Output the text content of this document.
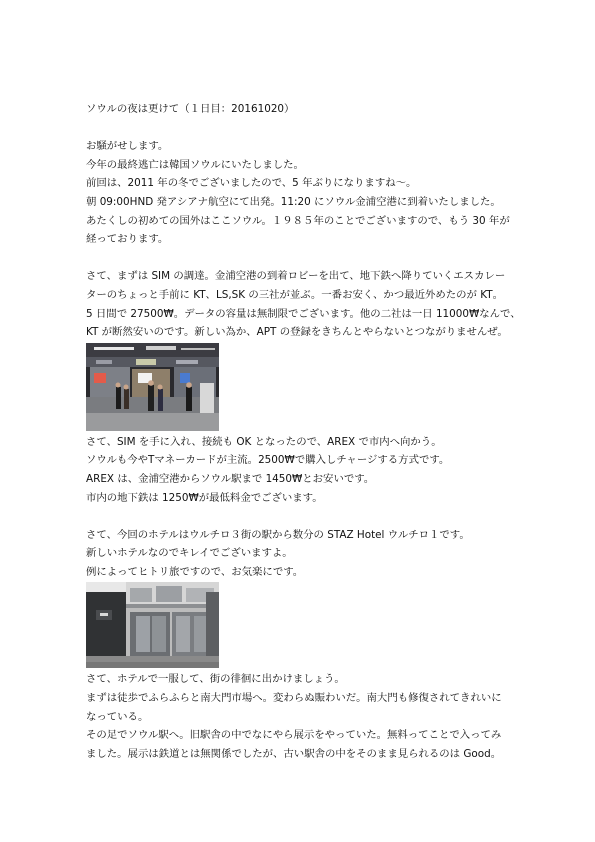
ソウルの夜は更けて（１日目：20161020）
お騒がせします。
今年の最終逃亡は韓国ソウルにいたしました。
前回は、2011 年の冬でございましたので、5 年ぶりになりますね〜。
朝 09:00HND 発アシアナ航空にて出発。11:20 にソウル金浦空港に到着いたしました。
あたくしの初めての国外はここソウル。１９８５年のことでございますので、もう 30 年が
経っております。
さて、まずは SIM の調達。金浦空港の到着ロビーを出て、地下鉄へ降りていくエスカレー
ターのちょっと手前に KT、LS,SK の三社が並ぶ。一番お安く、かつ最近外めたのが KT。
5 日間で 27500₩。データの容量は無制限でございます。他の二社は一日 11000₩なんで、
KT が断然安いのです。新しい為か、APT の登録をきちんとやらないとつながりませんぜ。
さて、SIM を手に入れ、接続も OK となったので、AREX で市内へ向かう。
ソウルも今やTマネーカードが主流。2500₩で購入しチャージする方式です。
AREX は、金浦空港からソウル駅まで 1450₩とお安いです。
市内の地下鉄は 1250₩が最低料金でございます。
さて、今回のホテルはウルチロ３街の駅から数分の STAZ Hotel ウルチロ１です。
新しいホテルなのでキレイでございますよ。
例によってヒトリ旅ですので、お気楽にです。
さて、ホテルで一服して、街の徘徊に出かけましょう。
まずは徒歩でふらふらと南大門市場へ。変わらぬ賑わいだ。南大門も修復されてきれいに
なっている。
その足でソウル駅へ。旧駅舎の中でなにやら展示をやっていた。無料ってことで入ってみ
ました。展示は鉄道とは無関係でしたが、古い駅舎の中をそのまま見られるのは Good。
